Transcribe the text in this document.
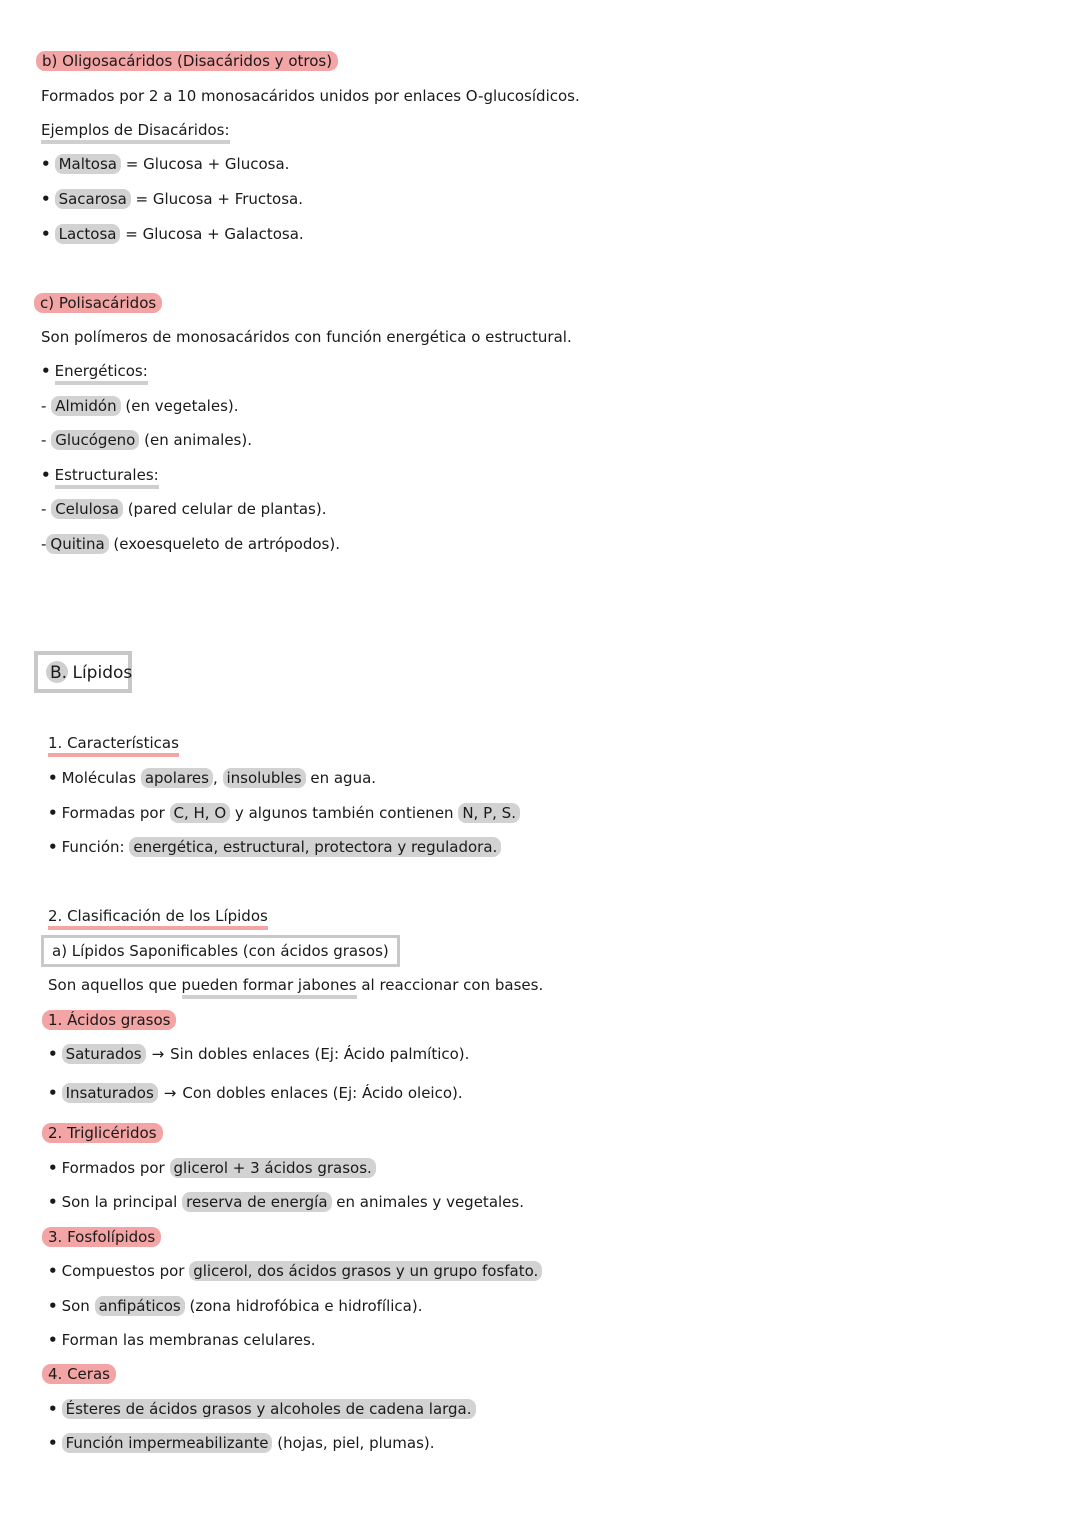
b) Oligosacáridos (Disacáridos y otros)
Formados por 2 a 10 monosacáridos unidos por enlaces O-glucosídicos.
Ejemplos de Disacáridos:
• Maltosa = Glucosa + Glucosa.
• Sacarosa = Glucosa + Fructosa.
• Lactosa = Glucosa + Galactosa.
c) Polisacáridos
Son polímeros de monosacáridos con función energética o estructural.
• Energéticos:
- Almidón (en vegetales).
- Glucógeno (en animales).
• Estructurales:
- Celulosa (pared celular de plantas).
- Quitina (exoesqueleto de artrópodos).
B. Lípidos
1. Características
• Moléculas apolares , insolubles en agua.
• Formadas por C, H, O y algunos también contienen N, P, S.
• Función: energética, estructural, protectora y reguladora.
2. Clasificación de los Lípidos
a) Lípidos Saponificables (con ácidos grasos)
Son aquellos que pueden formar jabones al reaccionar con bases.
1. Ácidos grasos
• Saturados → Sin dobles enlaces (Ej: Ácido palmítico).
• Insaturados → Con dobles enlaces (Ej: Ácido oleico).
2. Triglicéridos
• Formados por glicerol + 3 ácidos grasos.
• Son la principal reserva de energía en animales y vegetales.
3. Fosfolípidos
• Compuestos por glicerol, dos ácidos grasos y un grupo fosfato.
• Son anfipáticos (zona hidrofóbica e hidrofílica).
• Forman las membranas celulares.
4. Ceras
• Ésteres de ácidos grasos y alcoholes de cadena larga.
• Función impermeabilizante (hojas, piel, plumas).
